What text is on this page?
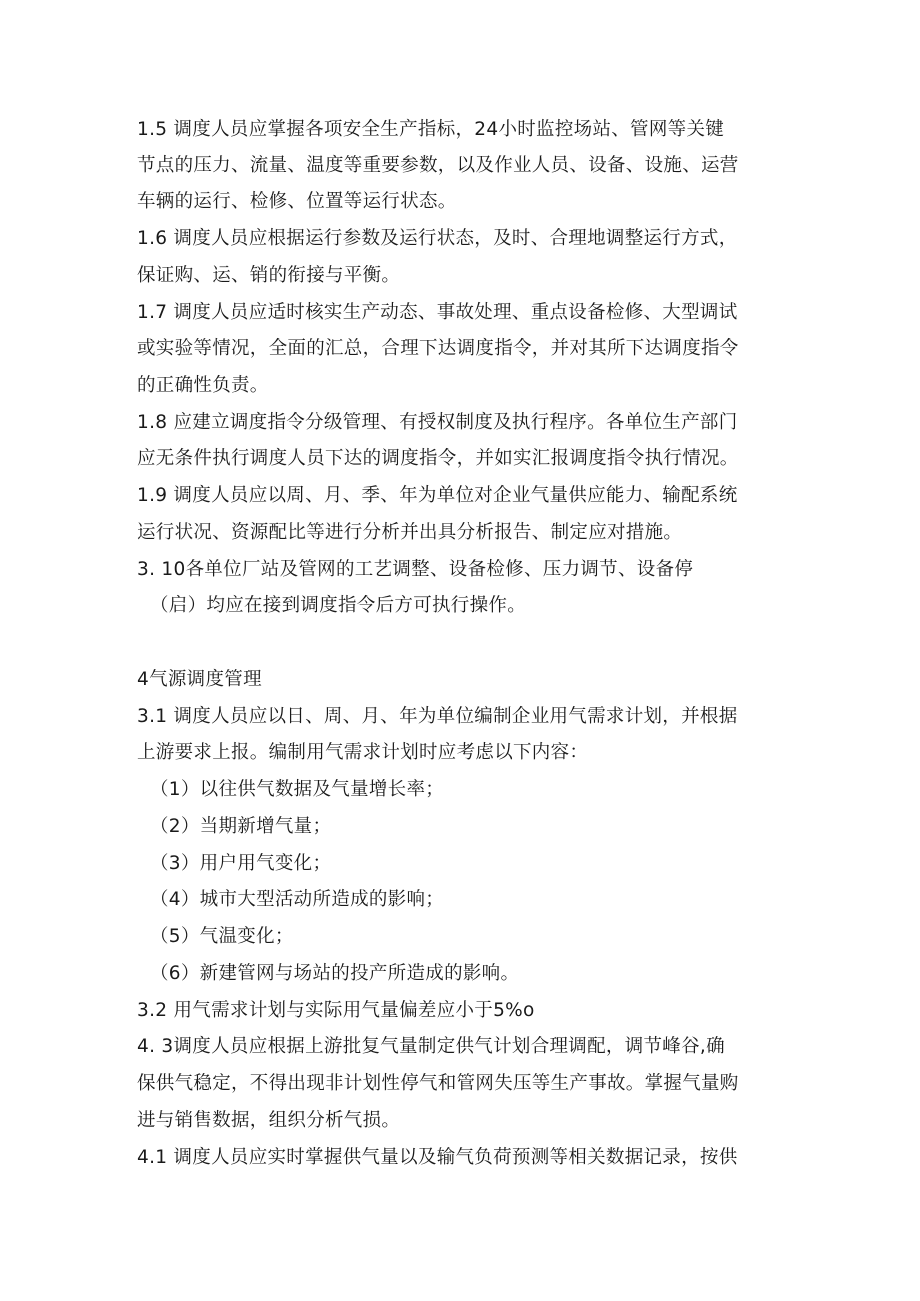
1.5 调度人员应掌握各项安全生产指标，24小时监控场站、管网等关键
节点的压力、流量、温度等重要参数，以及作业人员、设备、设施、运营
车辆的运行、检修、位置等运行状态。
1.6 调度人员应根据运行参数及运行状态，及时、合理地调整运行方式，
保证购、运、销的衔接与平衡。
1.7 调度人员应适时核实生产动态、事故处理、重点设备检修、大型调试
或实验等情况，全面的汇总，合理下达调度指令，并对其所下达调度指令
的正确性负责。
1.8 应建立调度指令分级管理、有授权制度及执行程序。各单位生产部门
应无条件执行调度人员下达的调度指令，并如实汇报调度指令执行情况。
1.9 调度人员应以周、月、季、年为单位对企业气量供应能力、输配系统
运行状况、资源配比等进行分析并出具分析报告、制定应对措施。
3. 10各单位厂站及管网的工艺调整、设备检修、压力调节、设备停
（启）均应在接到调度指令后方可执行操作。
4气源调度管理
3.1 调度人员应以日、周、月、年为单位编制企业用气需求计划，并根据
上游要求上报。编制用气需求计划时应考虑以下内容：
（1）以往供气数据及气量增长率；
（2）当期新增气量；
（3）用户用气变化；
（4）城市大型活动所造成的影响；
（5）气温变化；
（6）新建管网与场站的投产所造成的影响。
3.2 用气需求计划与实际用气量偏差应小于5%o
4. 3调度人员应根据上游批复气量制定供气计划合理调配，调节峰谷,确
保供气稳定，不得出现非计划性停气和管网失压等生产事故。掌握气量购
进与销售数据，组织分析气损。
4.1 调度人员应实时掌握供气量以及输气负荷预测等相关数据记录，按供
